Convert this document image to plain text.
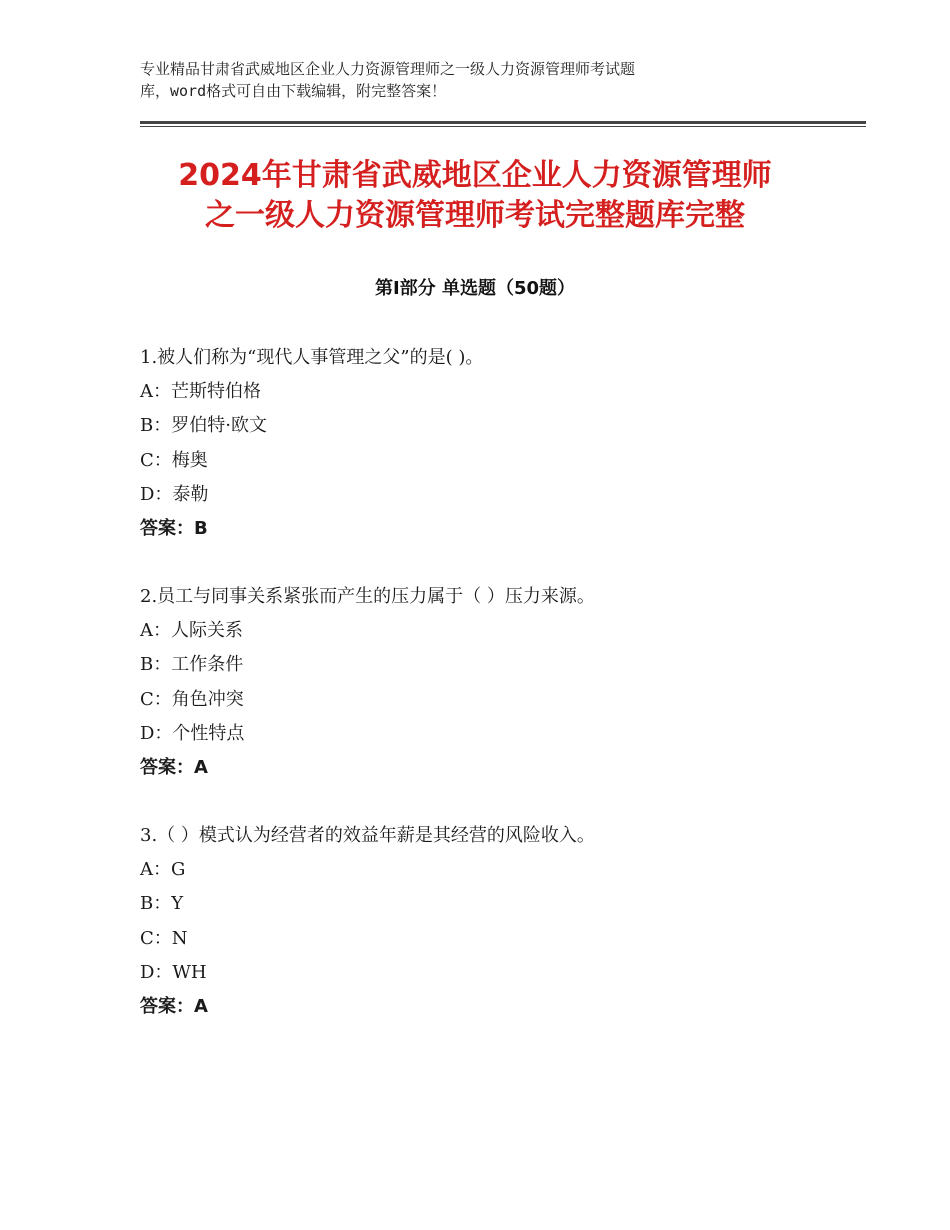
专业精品甘肃省武威地区企业人力资源管理师之一级人力资源管理师考试题
库，word格式可自由下载编辑，附完整答案！
2024年甘肃省武威地区企业人力资源管理师
之一级人力资源管理师考试完整题库完整
第Ⅰ部分 单选题（50题）
1.被人们称为“现代人事管理之父”的是( )。
A：芒斯特伯格
B：罗伯特·欧文
C：梅奥
D：泰勒
答案：B
2.员工与同事关系紧张而产生的压力属于（ ）压力来源。
A：人际关系
B：工作条件
C：角色冲突
D：个性特点
答案：A
3.（ ）模式认为经营者的效益年薪是其经营的风险收入。
A：G
B：Y
C：N
D：WH
答案：A
